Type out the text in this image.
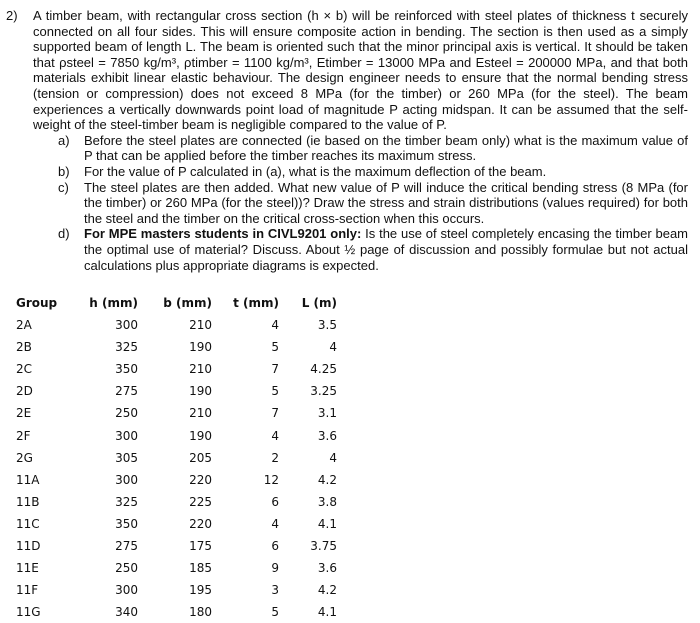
2) A timber beam, with rectangular cross section (h × b) will be reinforced with steel plates of thickness t securely connected on all four sides. This will ensure composite action in bending. The section is then used as a simply supported beam of length L. The beam is oriented such that the minor principal axis is vertical. It should be taken that ρsteel = 7850 kg/m³, ρtimber = 1100 kg/m³, Etimber = 13000 MPa and Esteel = 200000 MPa, and that both materials exhibit linear elastic behaviour. The design engineer needs to ensure that the normal bending stress (tension or compression) does not exceed 8 MPa (for the timber) or 260 MPa (for the steel). The beam experiences a vertically downwards point load of magnitude P acting midspan. It can be assumed that the self-weight of the steel-timber beam is negligible compared to the value of P.
a) Before the steel plates are connected (ie based on the timber beam only) what is the maximum value of P that can be applied before the timber reaches its maximum stress.
b) For the value of P calculated in (a), what is the maximum deflection of the beam.
c) The steel plates are then added. What new value of P will induce the critical bending stress (8 MPa (for the timber) or 260 MPa (for the steel))? Draw the stress and strain distributions (values required) for both the steel and the timber on the critical cross-section when this occurs.
d) For MPE masters students in CIVL9201 only: Is the use of steel completely encasing the timber beam the optimal use of material? Discuss. About ½ page of discussion and possibly formulae but not actual calculations plus appropriate diagrams is expected.
Group	h (mm)	b (mm)	t (mm)	L (m)
2A	300	210	4	3.5
2B	325	190	5	4
2C	350	210	7	4.25
2D	275	190	5	3.25
2E	250	210	7	3.1
2F	300	190	4	3.6
2G	305	205	2	4
11A	300	220	12	4.2
11B	325	225	6	3.8
11C	350	220	4	4.1
11D	275	175	6	3.75
11E	250	185	9	3.6
11F	300	195	3	4.2
11G	340	180	5	4.1
